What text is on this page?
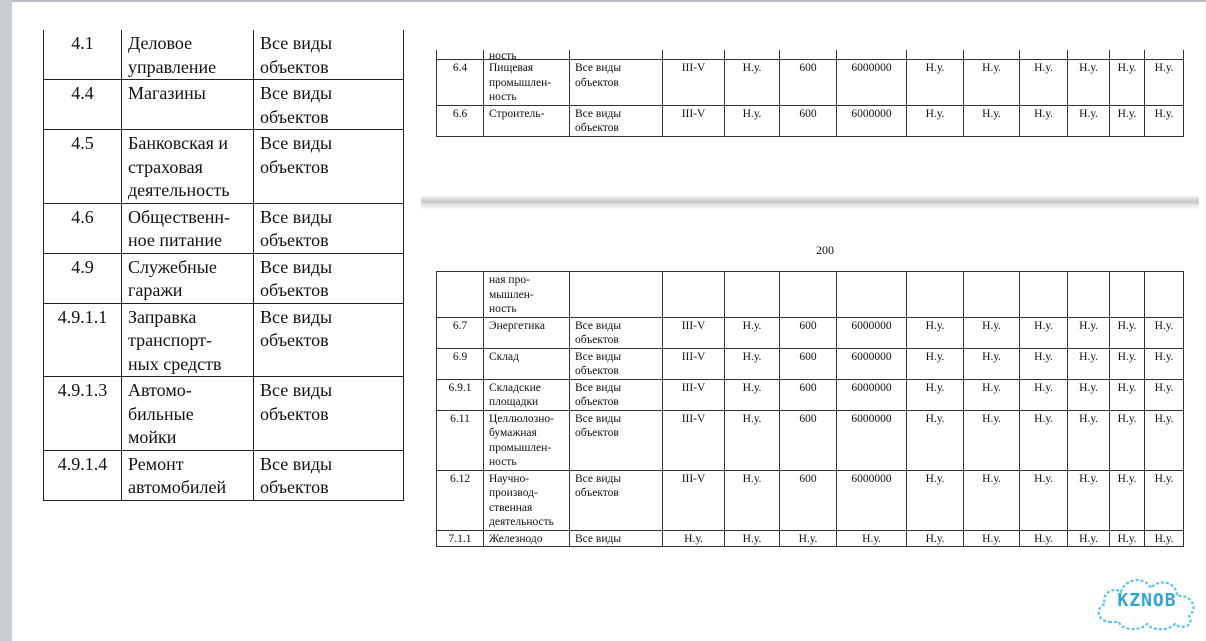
4.1	Деловое
управление	Все виды
объектов
4.4	Магазины	Все виды
объектов
4.5	Банковская и
страховая
деятельность	Все виды
объектов
4.6	Общественн-
ное питание	Все виды
объектов
4.9	Служебные
гаражи	Все виды
объектов
4.9.1.1	Заправка
транспорт-
ных средств	Все виды
объектов
4.9.1.3	Автомо-
бильные
мойки	Все виды
объектов
4.9.1.4	Ремонт
автомобилей	Все виды
объектов
	ность											
6.4	Пищевая
промышлен-
ность	Все виды
объектов	III-V	Н.у.	600	6000000	Н.у.	Н.у.	Н.у.	Н.у.	Н.у.	Н.у.
6.6	Строитель-	Все виды
объектов	III-V	Н.у.	600	6000000	Н.у.	Н.у.	Н.у.	Н.у.	Н.у.	Н.у.
200
	ная про-
мышлен-
ность											
6.7	Энергетика	Все виды
объектов	III-V	Н.у.	600	6000000	Н.у.	Н.у.	Н.у.	Н.у.	Н.у.	Н.у.
6.9	Склад	Все виды
объектов	III-V	Н.у.	600	6000000	Н.у.	Н.у.	Н.у.	Н.у.	Н.у.	Н.у.
6.9.1	Складские
площадки	Все виды
объектов	III-V	Н.у.	600	6000000	Н.у.	Н.у.	Н.у.	Н.у.	Н.у.	Н.у.
6.11	Целлюлозно-
бумажная
промышлен-
ность	Все виды
объектов	III-V	Н.у.	600	6000000	Н.у.	Н.у.	Н.у.	Н.у.	Н.у.	Н.у.
6.12	Научно-
производ-
ственная
деятельность	Все виды
объектов	III-V	Н.у.	600	6000000	Н.у.	Н.у.	Н.у.	Н.у.	Н.у.	Н.у.
7.1.1	Железнодо	Все виды	Н.у.	Н.у.	Н.у.	Н.у.	Н.у.	Н.у.	Н.у.	Н.у.	Н.у.	Н.у.
KZNOB
